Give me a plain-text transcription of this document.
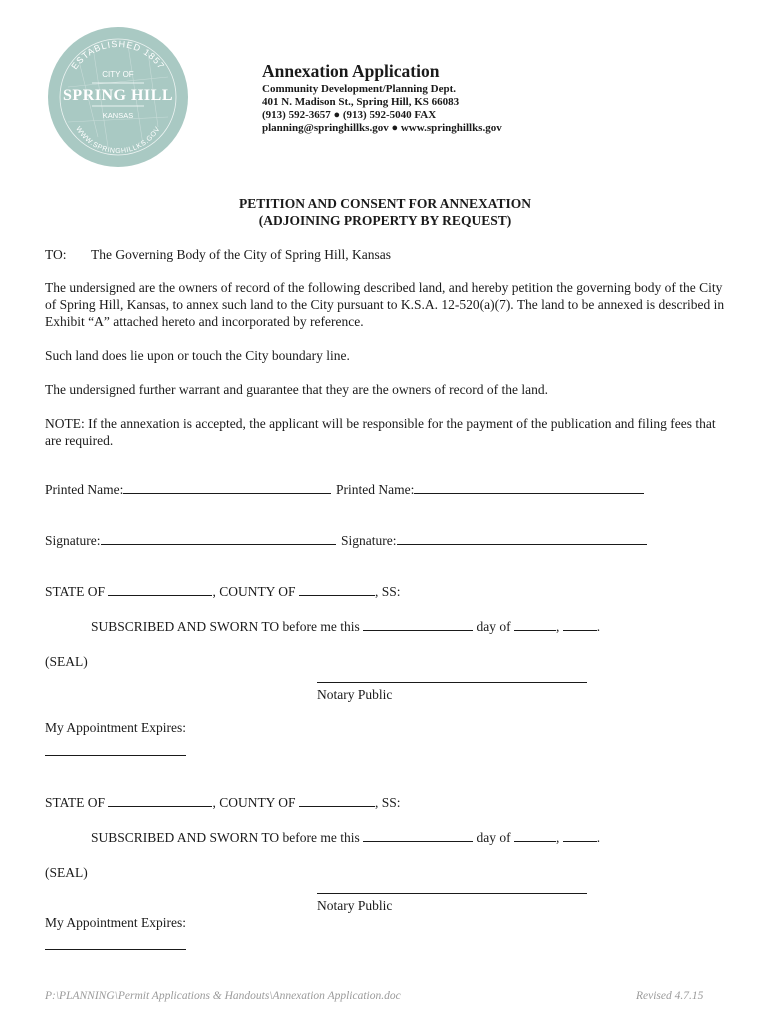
ESTABLISHED 1857
CITY OF
SPRING HILL
KANSAS
WWW.SPRINGHILLKS.GOV
Annexation Application
Community Development/Planning Dept.
401 N. Madison St., Spring Hill, KS 66083
(913) 592-3657 ● (913) 592-5040 FAX
planning@springhillks.gov ● www.springhillks.gov
PETITION AND CONSENT FOR ANNEXATION
(ADJOINING PROPERTY BY REQUEST)
TO: The Governing Body of the City of Spring Hill, Kansas
The undersigned are the owners of record of the following described land, and hereby petition the governing body of the City of Spring Hill, Kansas, to annex such land to the City pursuant to K.S.A. 12-520(a)(7). The land to be annexed is described in Exhibit “A” attached hereto and incorporated by reference.
Such land does lie upon or touch the City boundary line.
The undersigned further warrant and guarantee that they are the owners of record of the land.
NOTE: If the annexation is accepted, the applicant will be responsible for the payment of the publication and filing fees that are required.
Printed Name:	Printed Name:
Signature:	Signature:
STATE OF	, COUNTY OF	, SS:
SUBSCRIBED AND SWORN TO before me this	day of	,	.
(SEAL)
Notary Public
My Appointment Expires:
STATE OF	, COUNTY OF	, SS:
SUBSCRIBED AND SWORN TO before me this	day of	,	.
(SEAL)
Notary Public
My Appointment Expires:
P:\PLANNING\Permit Applications & Handouts\Annexation Application.doc	Revised 4.7.15
